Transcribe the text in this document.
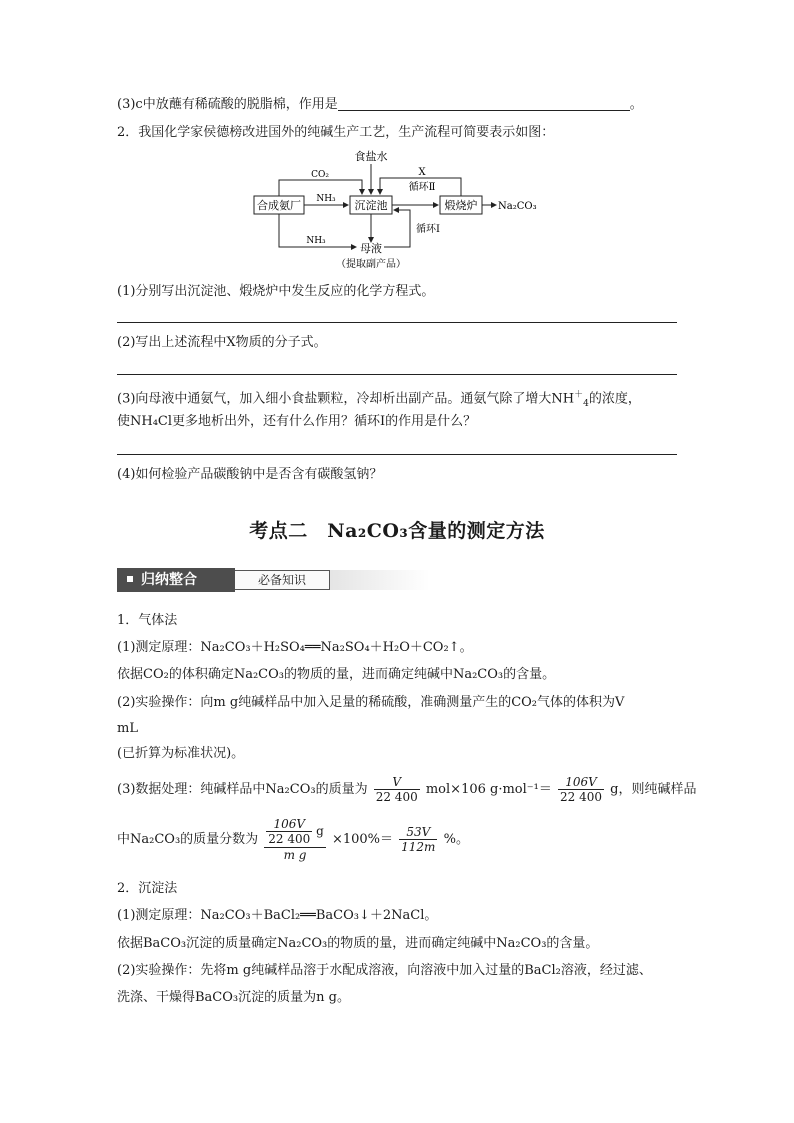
(3)c中放蘸有稀硫酸的脱脂棉，作用是	。
2．我国化学家侯德榜改进国外的纯碱生产工艺，生产流程可简要表示如图：
合成氨厂	沉淀池	煅烧炉
食盐水
CO₂
NH₃
X
循环Ⅱ
Na₂CO₃
循环Ⅰ
NH₃
母液
（提取副产品）
(1)分别写出沉淀池、煅烧炉中发生反应的化学方程式。
(2)写出上述流程中X物质的分子式。
(3)向母液中通氨气，加入细小食盐颗粒，冷却析出副产品。通氨气除了增大$NH^+_4$的浓度，
使NH₄Cl更多地析出外，还有什么作用？循环Ⅰ的作用是什么？
(4)如何检验产品碳酸钠中是否含有碳酸氢钠？
考点二　Na₂CO₃含量的测定方法
归纳整合	必备知识
1．气体法
(1)测定原理：Na₂CO₃＋H₂SO₄══Na₂SO₄＋H₂O＋CO₂↑。
依据CO₂的体积确定Na₂CO₃的物质的量，进而确定纯碱中Na₂CO₃的含量。
(2)实验操作：向m g纯碱样品中加入足量的稀硫酸，准确测量产生的CO₂气体的体积为V
mL
(已折算为标准状况)。
(3)数据处理：纯碱样品中Na₂CO₃的质量为 $\frac{V}{22 400} mol\times 106$ $g\cdot mol^{-1}= \frac{106V}{22 400}$ g，则纯碱样品
中Na₂CO₃的质量分数为 $\frac{\frac{106V}{22 400} g}{\text{m g}} \times 100\%= \frac{53V}{112m}$ %。
2．沉淀法
(1)测定原理：Na₂CO₃＋BaCl₂══BaCO₃↓＋2NaCl。
依据BaCO₃沉淀的质量确定Na₂CO₃的物质的量，进而确定纯碱中Na₂CO₃的含量。
(2)实验操作：先将m g纯碱样品溶于水配成溶液，向溶液中加入过量的BaCl₂溶液，经过滤、
洗涤、干燥得BaCO₃沉淀的质量为n g。
